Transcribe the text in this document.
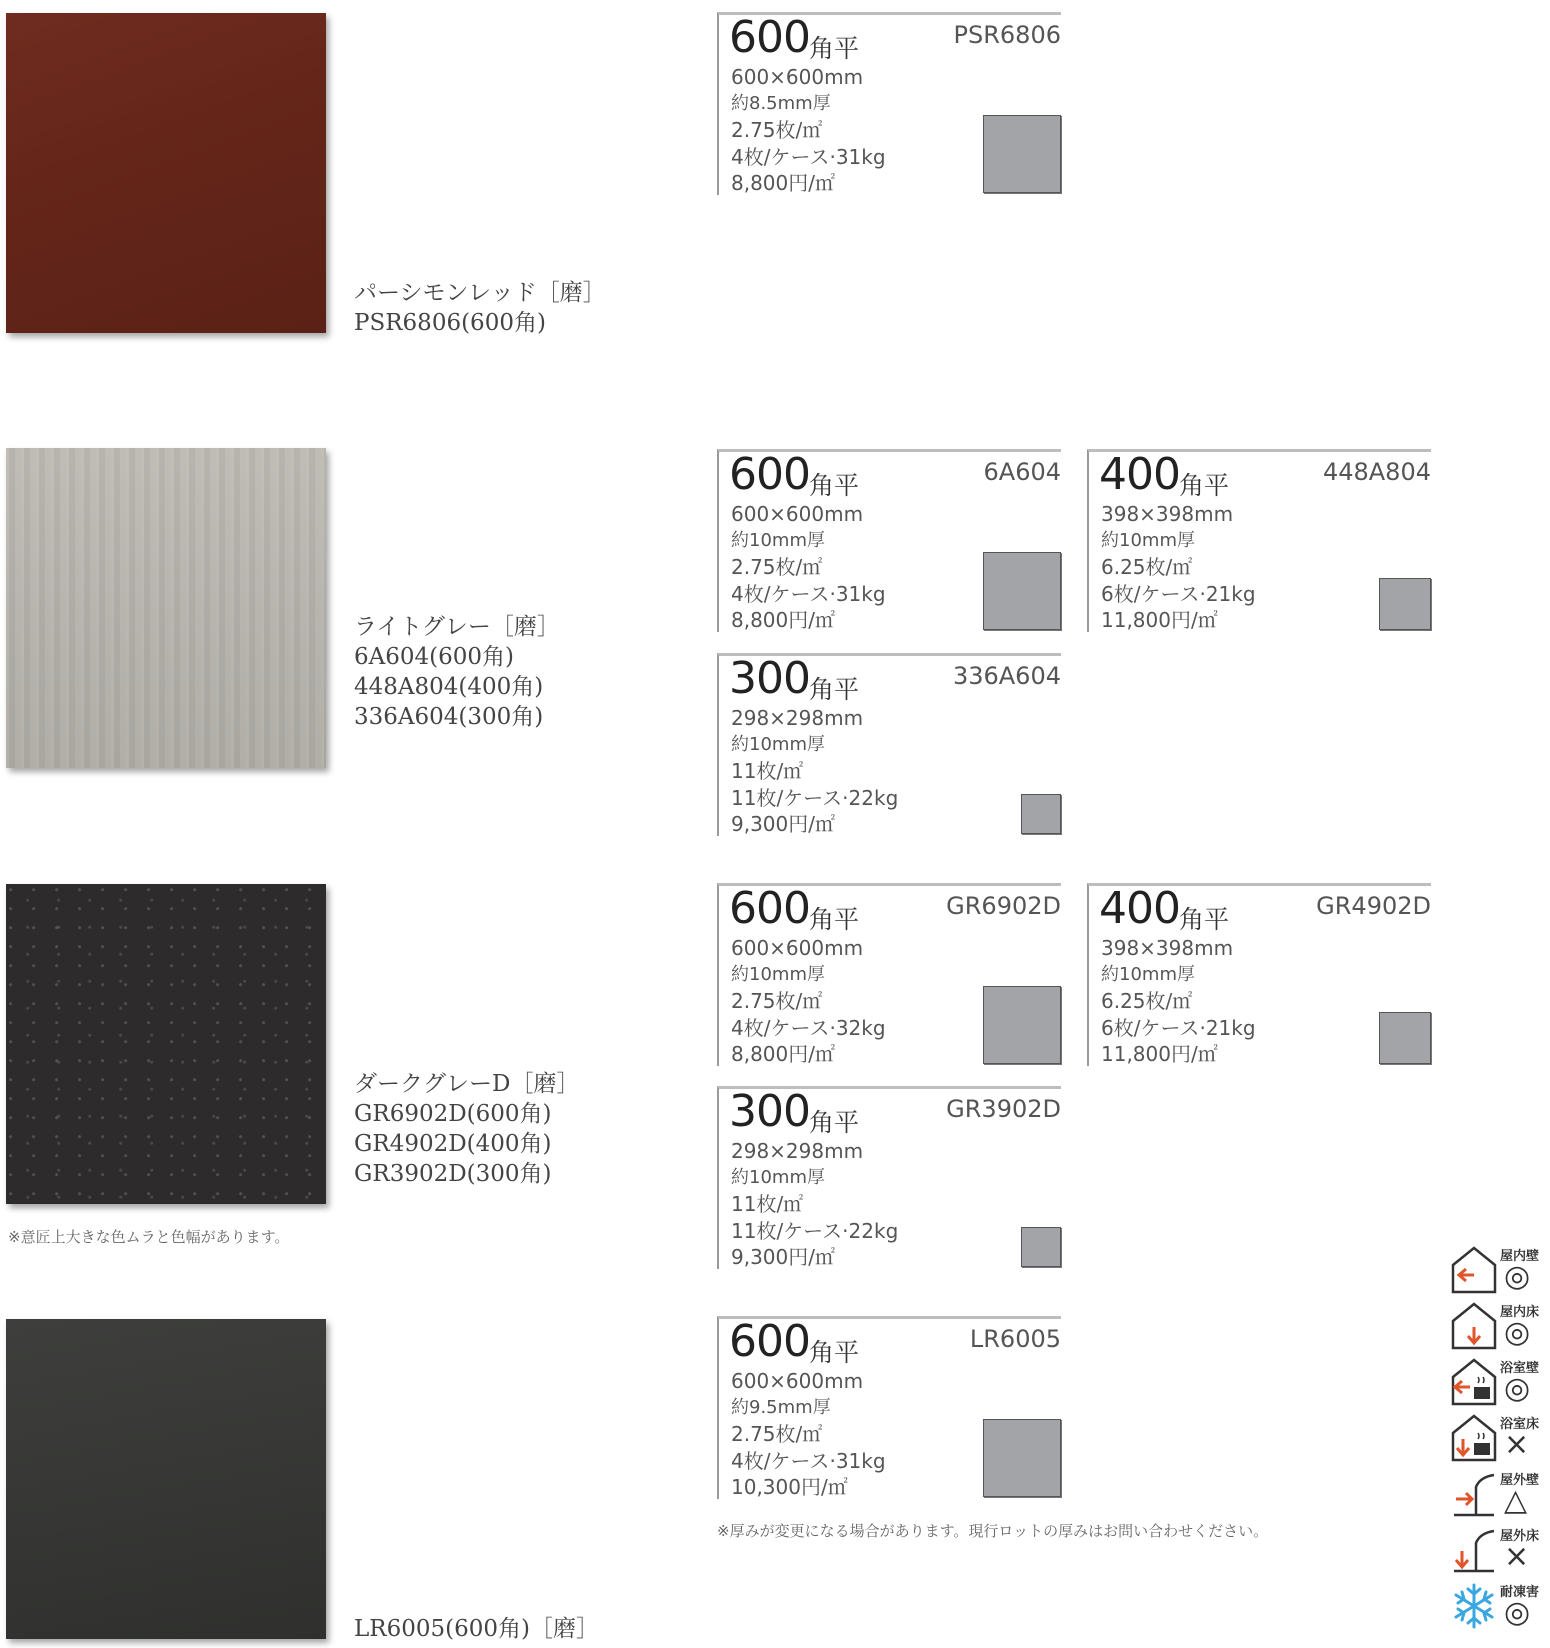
パーシモンレッド［磨］
PSR6806(600角)
ライトグレー［磨］
6A604(600角)
448A804(400角)
336A604(300角)
ダークグレーD［磨］
GR6902D(600角)
GR4902D(400角)
GR3902D(300角)
※意匠上大きな色ムラと色幅があります。
LR6005(600角)［磨］
600 角平	PSR6806
600×600mm
約8.5mm厚
2.75枚/㎡
4枚/ケース·31kg
8,800円/㎡
600 角平	6A604
600×600mm
約10mm厚
2.75枚/㎡
4枚/ケース·31kg
8,800円/㎡
400 角平	448A804
398×398mm
約10mm厚
6.25枚/㎡
6枚/ケース·21kg
11,800円/㎡
300 角平	336A604
298×298mm
約10mm厚
11枚/㎡
11枚/ケース·22kg
9,300円/㎡
600 角平	GR6902D
600×600mm
約10mm厚
2.75枚/㎡
4枚/ケース·32kg
8,800円/㎡
400 角平	GR4902D
398×398mm
約10mm厚
6.25枚/㎡
6枚/ケース·21kg
11,800円/㎡
300 角平	GR3902D
298×298mm
約10mm厚
11枚/㎡
11枚/ケース·22kg
9,300円/㎡
600 角平	LR6005
600×600mm
約9.5mm厚
2.75枚/㎡
4枚/ケース·31kg
10,300円/㎡
※厚みが変更になる場合があります。現行ロットの厚みはお問い合わせください。
屋内壁
◎
屋内床
◎
浴室壁
◎
浴室床
×
屋外壁
△
屋外床
×
耐凍害
◎
